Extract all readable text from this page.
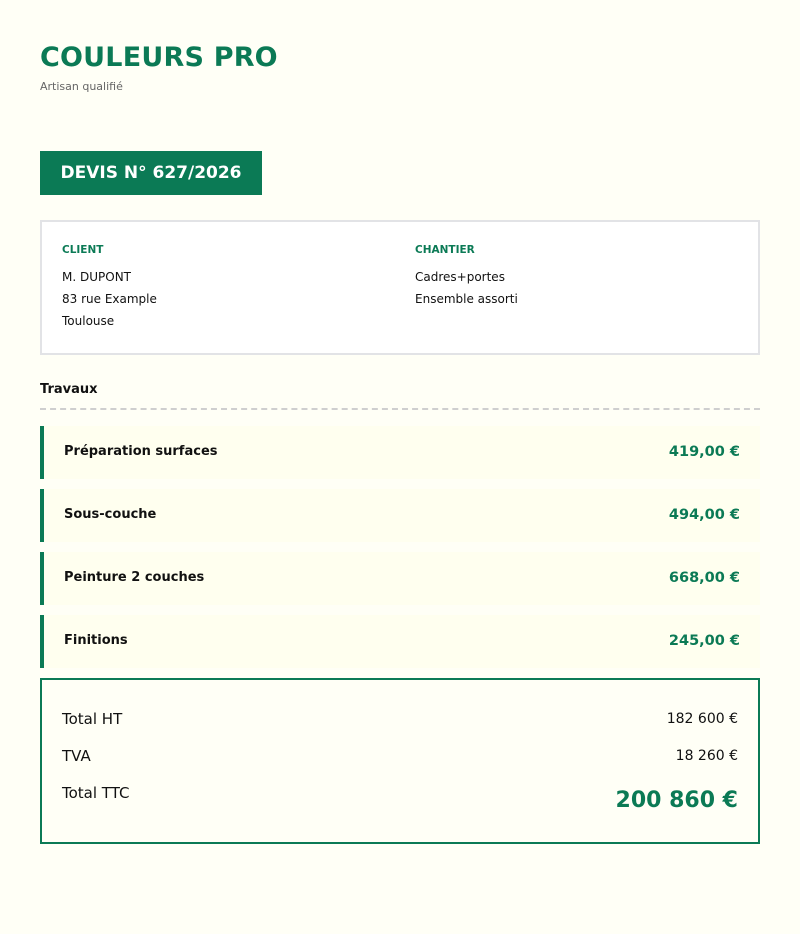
COULEURS PRO
Artisan qualifié
DEVIS N° 627/2026
CLIENT
M. DUPONT
83 rue Example
Toulouse
CHANTIER
Cadres+portes
Ensemble assorti
Travaux
Préparation surfaces	419,00 €
Sous-couche	494,00 €
Peinture 2 couches	668,00 €
Finitions	245,00 €
Total HT	182 600 €
TVA	18 260 €
Total TTC	200 860 €
